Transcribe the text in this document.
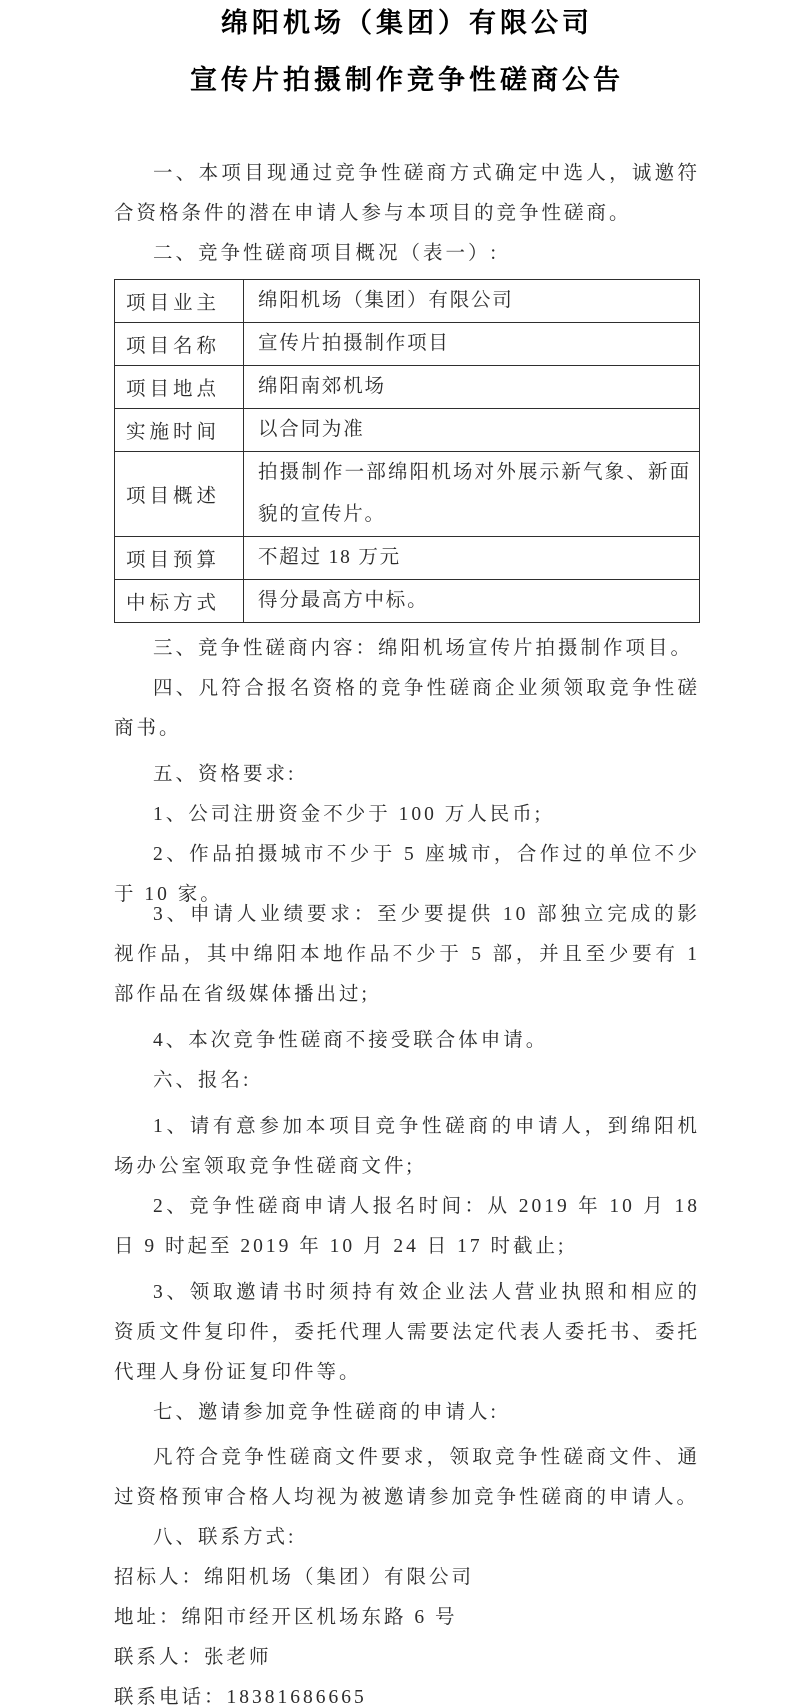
绵阳机场（集团）有限公司
宣传片拍摄制作竞争性磋商公告

一、本项目现通过竞争性磋商方式确定中选人，诚邀符合资格条件的潜在申请人参与本项目的竞争性磋商。

二、竞争性磋商项目概况（表一）:

项目业主	绵阳机场（集团）有限公司
项目名称	宣传片拍摄制作项目
项目地点	绵阳南郊机场
实施时间	以合同为准
项目概述	拍摄制作一部绵阳机场对外展示新气象、新面貌的宣传片。
项目预算	不超过 18 万元
中标方式	得分最高方中标。

三、竞争性磋商内容：绵阳机场宣传片拍摄制作项目。

四、凡符合报名资格的竞争性磋商企业须领取竞争性磋商书。

五、资格要求:

1、公司注册资金不少于 100 万人民币;

2、作品拍摄城市不少于 5 座城市，合作过的单位不少于 10 家。

3、申请人业绩要求：至少要提供 10 部独立完成的影视作品，其中绵阳本地作品不少于 5 部，并且至少要有 1 部作品在省级媒体播出过;

4、本次竞争性磋商不接受联合体申请。

六、报名:

1、请有意参加本项目竞争性磋商的申请人，到绵阳机场办公室领取竞争性磋商文件;

2、竞争性磋商申请人报名时间：从 2019 年 10 月 18 日 9 时起至 2019 年 10 月 24 日 17 时截止;

3、领取邀请书时须持有效企业法人营业执照和相应的资质文件复印件，委托代理人需要法定代表人委托书、委托代理人身份证复印件等。

七、邀请参加竞争性磋商的申请人:

凡符合竞争性磋商文件要求，领取竞争性磋商文件、通过资格预审合格人均视为被邀请参加竞争性磋商的申请人。

八、联系方式:

招标人：绵阳机场（集团）有限公司

地址：绵阳市经开区机场东路 6 号

联系人：张老师

联系电话：18381686665
